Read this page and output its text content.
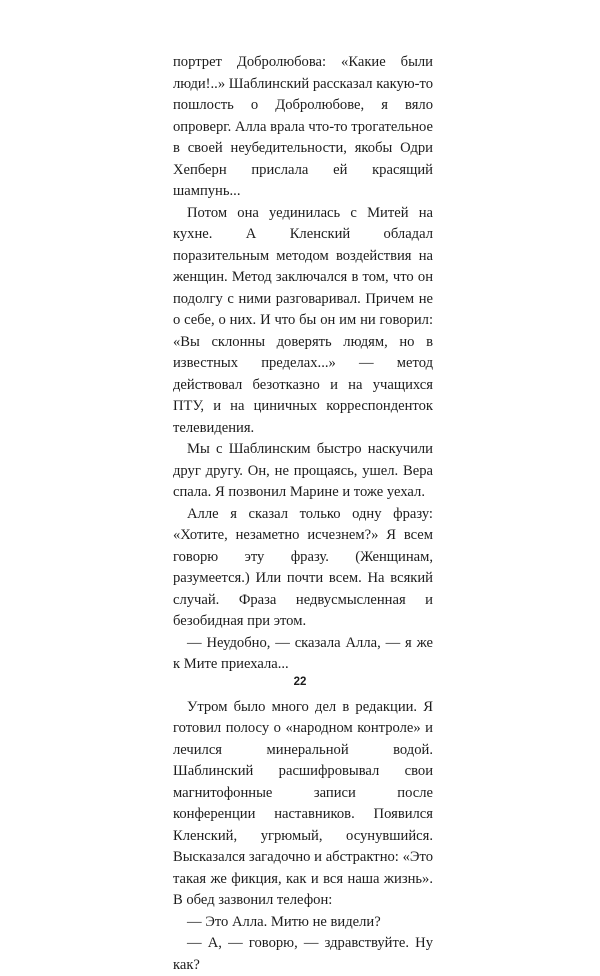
портрет Добролюбова: «Какие были люди!..» Шаблинский рассказал какую-то пошлость о Добролюбове, я вяло опроверг. Алла врала что-то трогательное в своей неубедительности, якобы Одри Хепберн прислала ей красящий шампунь...

Потом она уединилась с Митей на кухне. А Кленский обладал поразительным методом воздействия на женщин. Метод заключался в том, что он подолгу с ними разговаривал. Причем не о себе, о них. И что бы он им ни говорил: «Вы склонны доверять людям, но в известных пределах...» — метод действовал безотказно и на учащихся ПТУ, и на циничных корреспонденток телевидения.

Мы с Шаблинским быстро наскучили друг другу. Он, не прощаясь, ушел. Вера спала. Я позвонил Марине и тоже уехал.

Алле я сказал только одну фразу: «Хотите, незаметно исчезнем?» Я всем говорю эту фразу. (Женщинам, разумеется.) Или почти всем. На всякий случай. Фраза недвусмысленная и безобидная при этом.

— Неудобно, — сказала Алла, — я же к Мите приехала...

Утром было много дел в редакции. Я готовил полосу о «народном контроле» и лечился минеральной водой. Шаблинский расшифровывал свои магнитофонные записи после конференции наставников. Появился Кленский, угрюмый, осунувшийся. Высказался загадочно и абстрактно: «Это такая же фикция, как и вся наша жизнь». В обед зазвонил телефон:

— Это Алла. Митю не видели?

— А, — говорю, — здравствуйте. Ну как?

22
